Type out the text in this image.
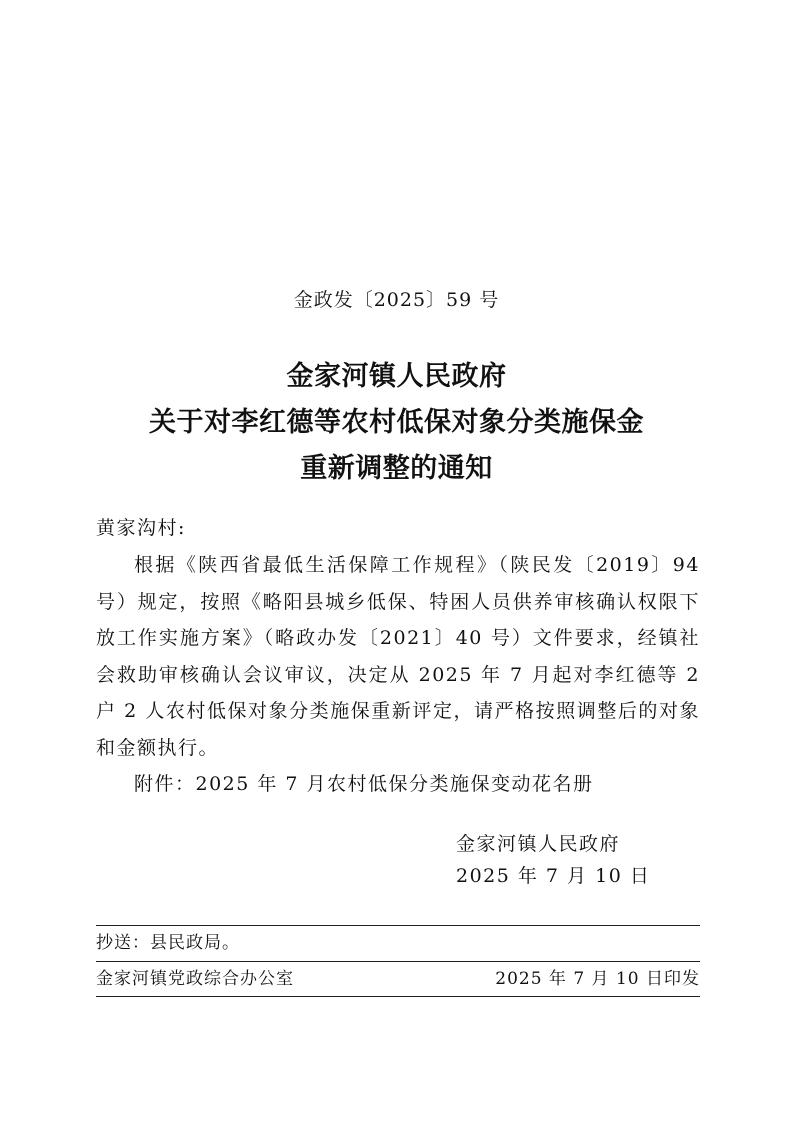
金政发〔2025〕59 号
金家河镇人民政府
关于对李红德等农村低保对象分类施保金
重新调整的通知
黄家沟村:
根据《陕西省最低生活保障工作规程》（陕民发〔2019〕94 号）规定，按照《略阳县城乡低保、特困人员供养审核确认权限下放工作实施方案》（略政办发〔2021〕40 号）文件要求，经镇社会救助审核确认会议审议，决定从 2025 年 7 月起对李红德等 2 户 2 人农村低保对象分类施保重新评定，请严格按照调整后的对象和金额执行。
附件：2025 年 7 月农村低保分类施保变动花名册
金家河镇人民政府
2025 年 7 月 10 日
抄送：县民政局。
金家河镇党政综合办公室	2025 年 7 月 10 日印发
